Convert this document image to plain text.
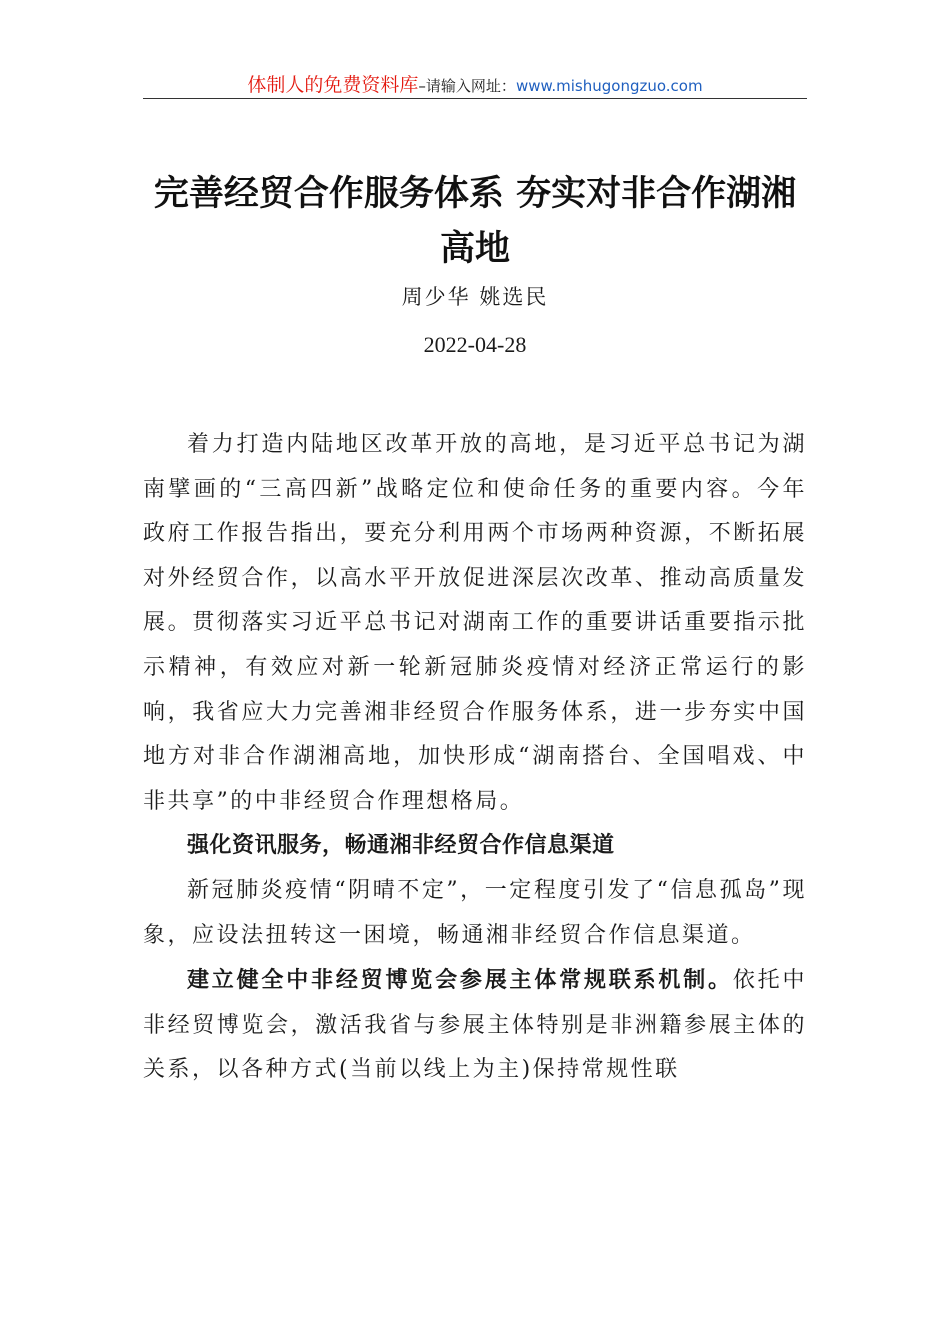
体制人的免费资料库–请输入网址：www.mishugongzuo.com
完善经贸合作服务体系 夯实对非合作湖湘高地
周少华 姚选民
2022-04-28

着力打造内陆地区改革开放的高地，是习近平总书记为湖南擘画的“三高四新”战略定位和使命任务的重要内容。今年政府工作报告指出，要充分利用两个市场两种资源，不断拓展对外经贸合作，以高水平开放促进深层次改革、推动高质量发展。贯彻落实习近平总书记对湖南工作的重要讲话重要指示批示精神，有效应对新一轮新冠肺炎疫情对经济正常运行的影响，我省应大力完善湘非经贸合作服务体系，进一步夯实中国地方对非合作湖湘高地，加快形成“湖南搭台、全国唱戏、中非共享”的中非经贸合作理想格局。

强化资讯服务，畅通湘非经贸合作信息渠道

新冠肺炎疫情“阴晴不定”，一定程度引发了“信息孤岛”现象，应设法扭转这一困境，畅通湘非经贸合作信息渠道。

建立健全中非经贸博览会参展主体常规联系机制。依托中非经贸博览会，激活我省与参展主体特别是非洲籍参展主体的关系，以各种方式(当前以线上为主)保持常规性联
